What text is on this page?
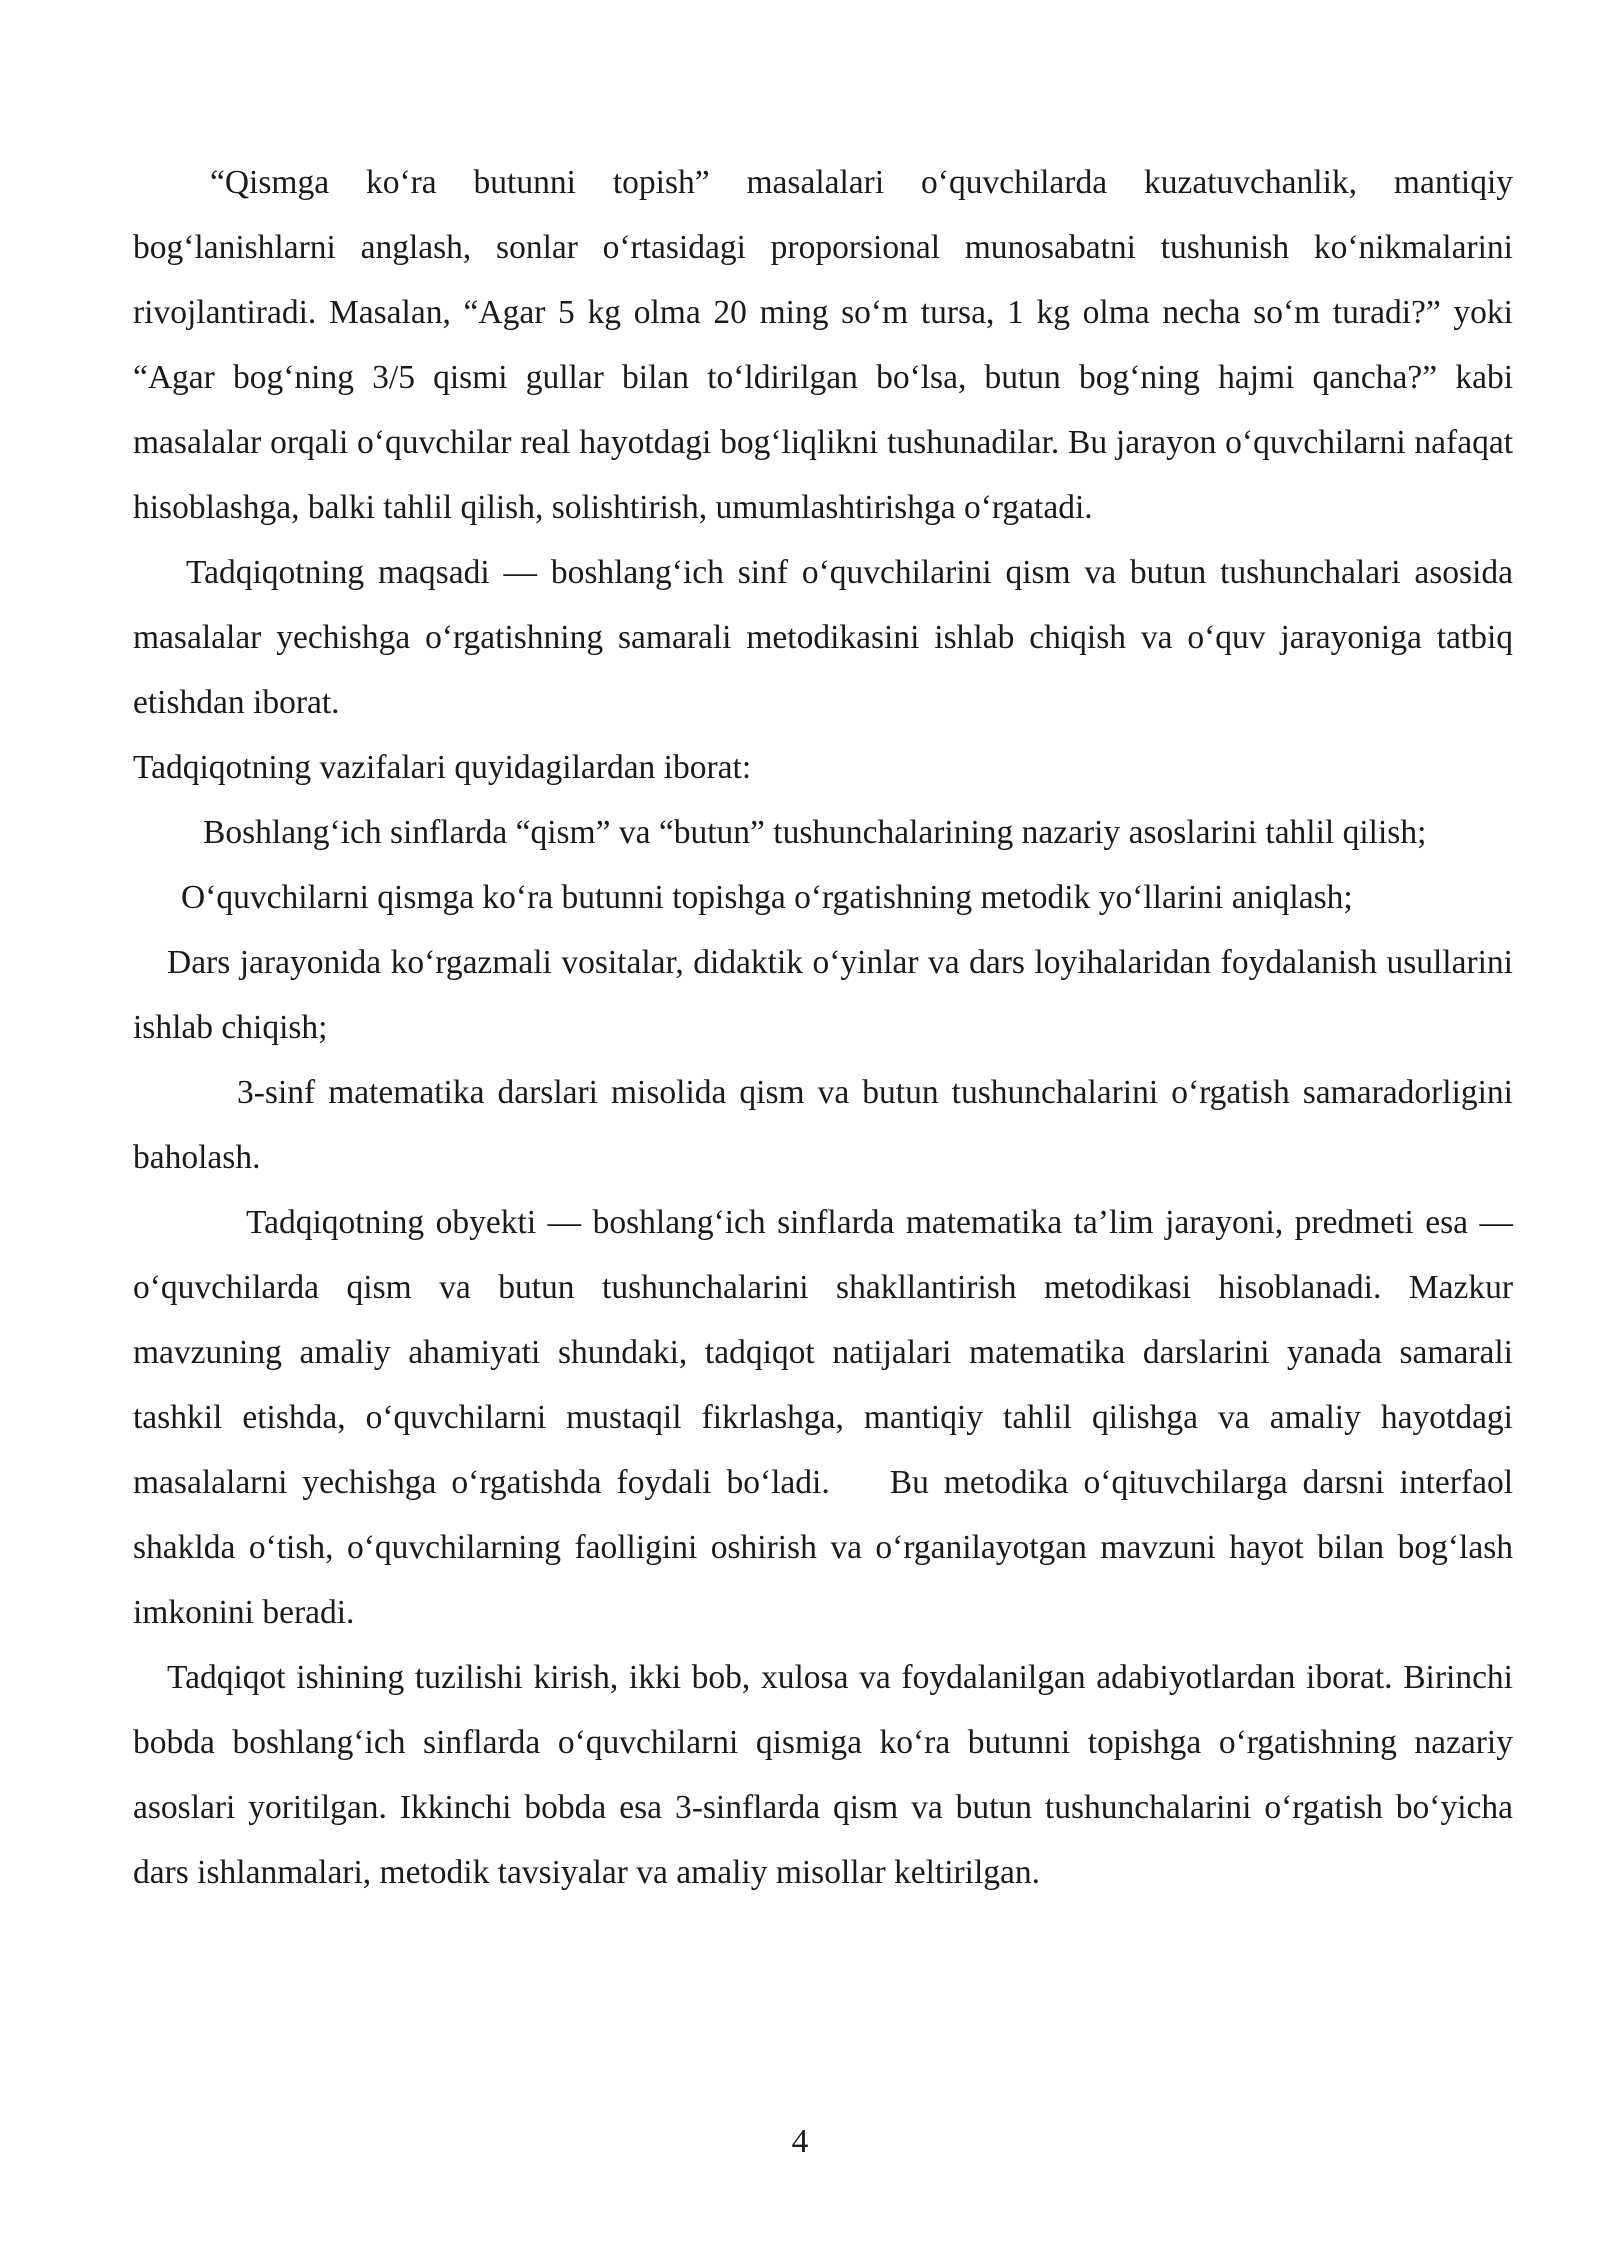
“Qismga ko‘ra butunni topish” masalalari o‘quvchilarda kuzatuvchanlik, mantiqiy bog‘lanishlarni anglash, sonlar o‘rtasidagi proporsional munosabatni tushunish ko‘nikmalarini rivojlantiradi. Masalan, “Agar 5 kg olma 20 ming so‘m tursa, 1 kg olma necha so‘m turadi?” yoki “Agar bog‘ning 3/5 qismi gullar bilan to‘ldirilgan bo‘lsa, butun bog‘ning hajmi qancha?” kabi masalalar orqali o‘quvchilar real hayotdagi bog‘liqlikni tushunadilar. Bu jarayon o‘quvchilarni nafaqat hisoblashga, balki tahlil qilish, solishtirish, umumlashtirishga o‘rgatadi.

Tadqiqotning maqsadi — boshlang‘ich sinf o‘quvchilarini qism va butun tushunchalari asosida masalalar yechishga o‘rgatishning samarali metodikasini ishlab chiqish va o‘quv jarayoniga tatbiq etishdan iborat.

Tadqiqotning vazifalari quyidagilardan iborat:

Boshlang‘ich sinflarda “qism” va “butun” tushunchalarining nazariy asoslarini tahlil qilish;

O‘quvchilarni qismga ko‘ra butunni topishga o‘rgatishning metodik yo‘llarini aniqlash;

Dars jarayonida ko‘rgazmali vositalar, didaktik o‘yinlar va dars loyihalaridan foydalanish usullarini ishlab chiqish;

3-sinf matematika darslari misolida qism va butun tushunchalarini o‘rgatish samaradorligini baholash.

Tadqiqotning obyekti — boshlang‘ich sinflarda matematika ta’lim jarayoni, predmeti esa — o‘quvchilarda qism va butun tushunchalarini shakllantirish metodikasi hisoblanadi. Mazkur mavzuning amaliy ahamiyati shundaki, tadqiqot natijalari matematika darslarini yanada samarali tashkil etishda, o‘quvchilarni mustaqil fikrlashga, mantiqiy tahlil qilishga va amaliy hayotdagi masalalarni yechishga o‘rgatishda foydali bo‘ladi. Bu metodika o‘qituvchilarga darsni interfaol shaklda o‘tish, o‘quvchilarning faolligini oshirish va o‘rganilayotgan mavzuni hayot bilan bog‘lash imkonini beradi.

Tadqiqot ishining tuzilishi kirish, ikki bob, xulosa va foydalanilgan adabiyotlardan iborat. Birinchi bobda boshlang‘ich sinflarda o‘quvchilarni qismiga ko‘ra butunni topishga o‘rgatishning nazariy asoslari yoritilgan. Ikkinchi bobda esa 3-sinflarda qism va butun tushunchalarini o‘rgatish bo‘yicha dars ishlanmalari, metodik tavsiyalar va amaliy misollar keltirilgan.

4
